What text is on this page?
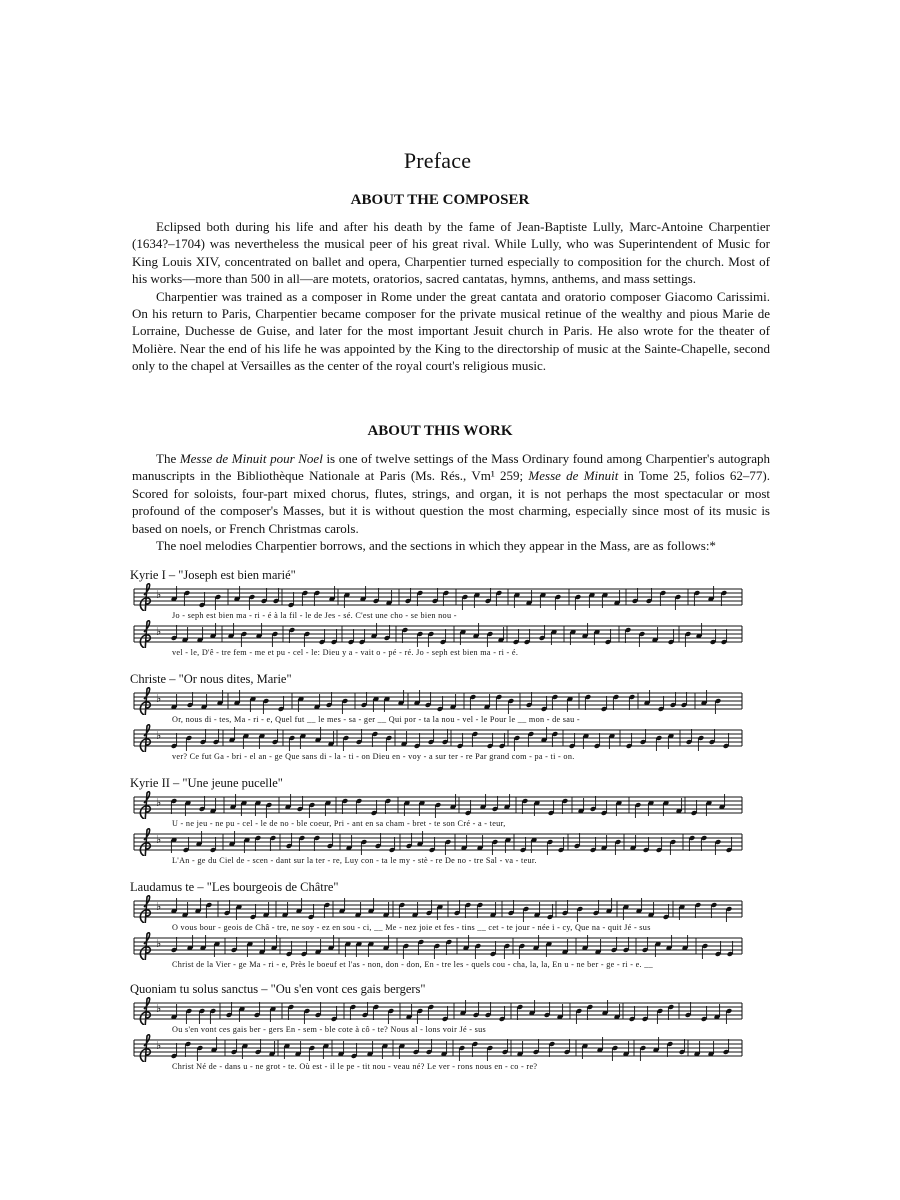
Preface
ABOUT THE COMPOSER

Eclipsed both during his life and after his death by the fame of Jean-Baptiste Lully, Marc-Antoine Charpentier (1634?–1704) was nevertheless the musical peer of his great rival. While Lully, who was Superintendent of Music for King Louis XIV, concentrated on ballet and opera, Charpentier turned especially to composition for the church. Most of his works—more than 500 in all—are motets, oratorios, sacred cantatas, hymns, anthems, and mass settings.

Charpentier was trained as a composer in Rome under the great cantata and oratorio composer Giacomo Carissimi. On his return to Paris, Charpentier became composer for the private musical retinue of the wealthy and pious Marie de Lorraine, Duchesse de Guise, and later for the most important Jesuit church in Paris. He also wrote for the theater of Molière. Near the end of his life he was appointed by the King to the directorship of music at the Sainte-Chapelle, second only to the chapel at Versailles as the center of the royal court's religious music.

ABOUT THIS WORK

The Messe de Minuit pour Noel is one of twelve settings of the Mass Ordinary found among Charpentier's autograph manuscripts in the Bibliothèque Nationale at Paris (Ms. Rés., Vm¹ 259; Messe de Minuit in Tome 25, folios 62–77). Scored for soloists, four-part mixed chorus, flutes, strings, and organ, it is not perhaps the most spectacular or most profound of the composer's Masses, but it is without question the most charming, especially since most of its music is based on noels, or French Christmas carols.

The noel melodies Charpentier borrows, and the sections in which they appear in the Mass, are as follows:*

Kyrie I – "Joseph est bien marié"
♭
Jo - seph est bien ma - ri - é à la fil - le de Jes - sé. C'est une cho - se bien nou -
♭
vel - le, D'ê - tre fem - me et pu - cel - le: Dieu y a - vait o - pé - ré. Jo - seph est bien ma - ri - é.
Christe – "Or nous dites, Marie"
♭
Or, nous di - tes, Ma - ri - e, Quel fut __ le mes - sa - ger __ Qui por - ta la nou - vel - le Pour le __ mon - de sau -
♭
ver? Ce fut Ga - bri - el an - ge Que sans di - la - ti - on Dieu en - voy - a sur ter - re Par grand com - pa - ti - on.
Kyrie II – "Une jeune pucelle"
♭
U - ne jeu - ne pu - cel - le de no - ble coeur, Pri - ant en sa cham - bret - te son Cré - a - teur,
♭
L'An - ge du Ciel de - scen - dant sur la ter - re, Luy con - ta le my - stè - re De no - tre Sal - va - teur.
Laudamus te – "Les bourgeois de Châtre"
♭
O vous bour - geois de Châ - tre, ne soy - ez en sou - ci, __ Me - nez joie et fes - tins __ cet - te jour - née i - cy, Que na - quit Jé - sus
♭
Christ de la Vier - ge Ma - ri - e, Près le boeuf et l'as - non, don - don, En - tre les - quels cou - cha, la, la, En u - ne ber - ge - ri - e. __
Quoniam tu solus sanctus – "Ou s'en vont ces gais bergers"
♭
Ou s'en vont ces gais ber - gers En - sem - ble cote à cô - te? Nous al - lons voir Jé - sus
♭
Christ Né de - dans u - ne grot - te. Où est - il le pe - tit nou - veau né? Le ver - rons nous en - co - re?
